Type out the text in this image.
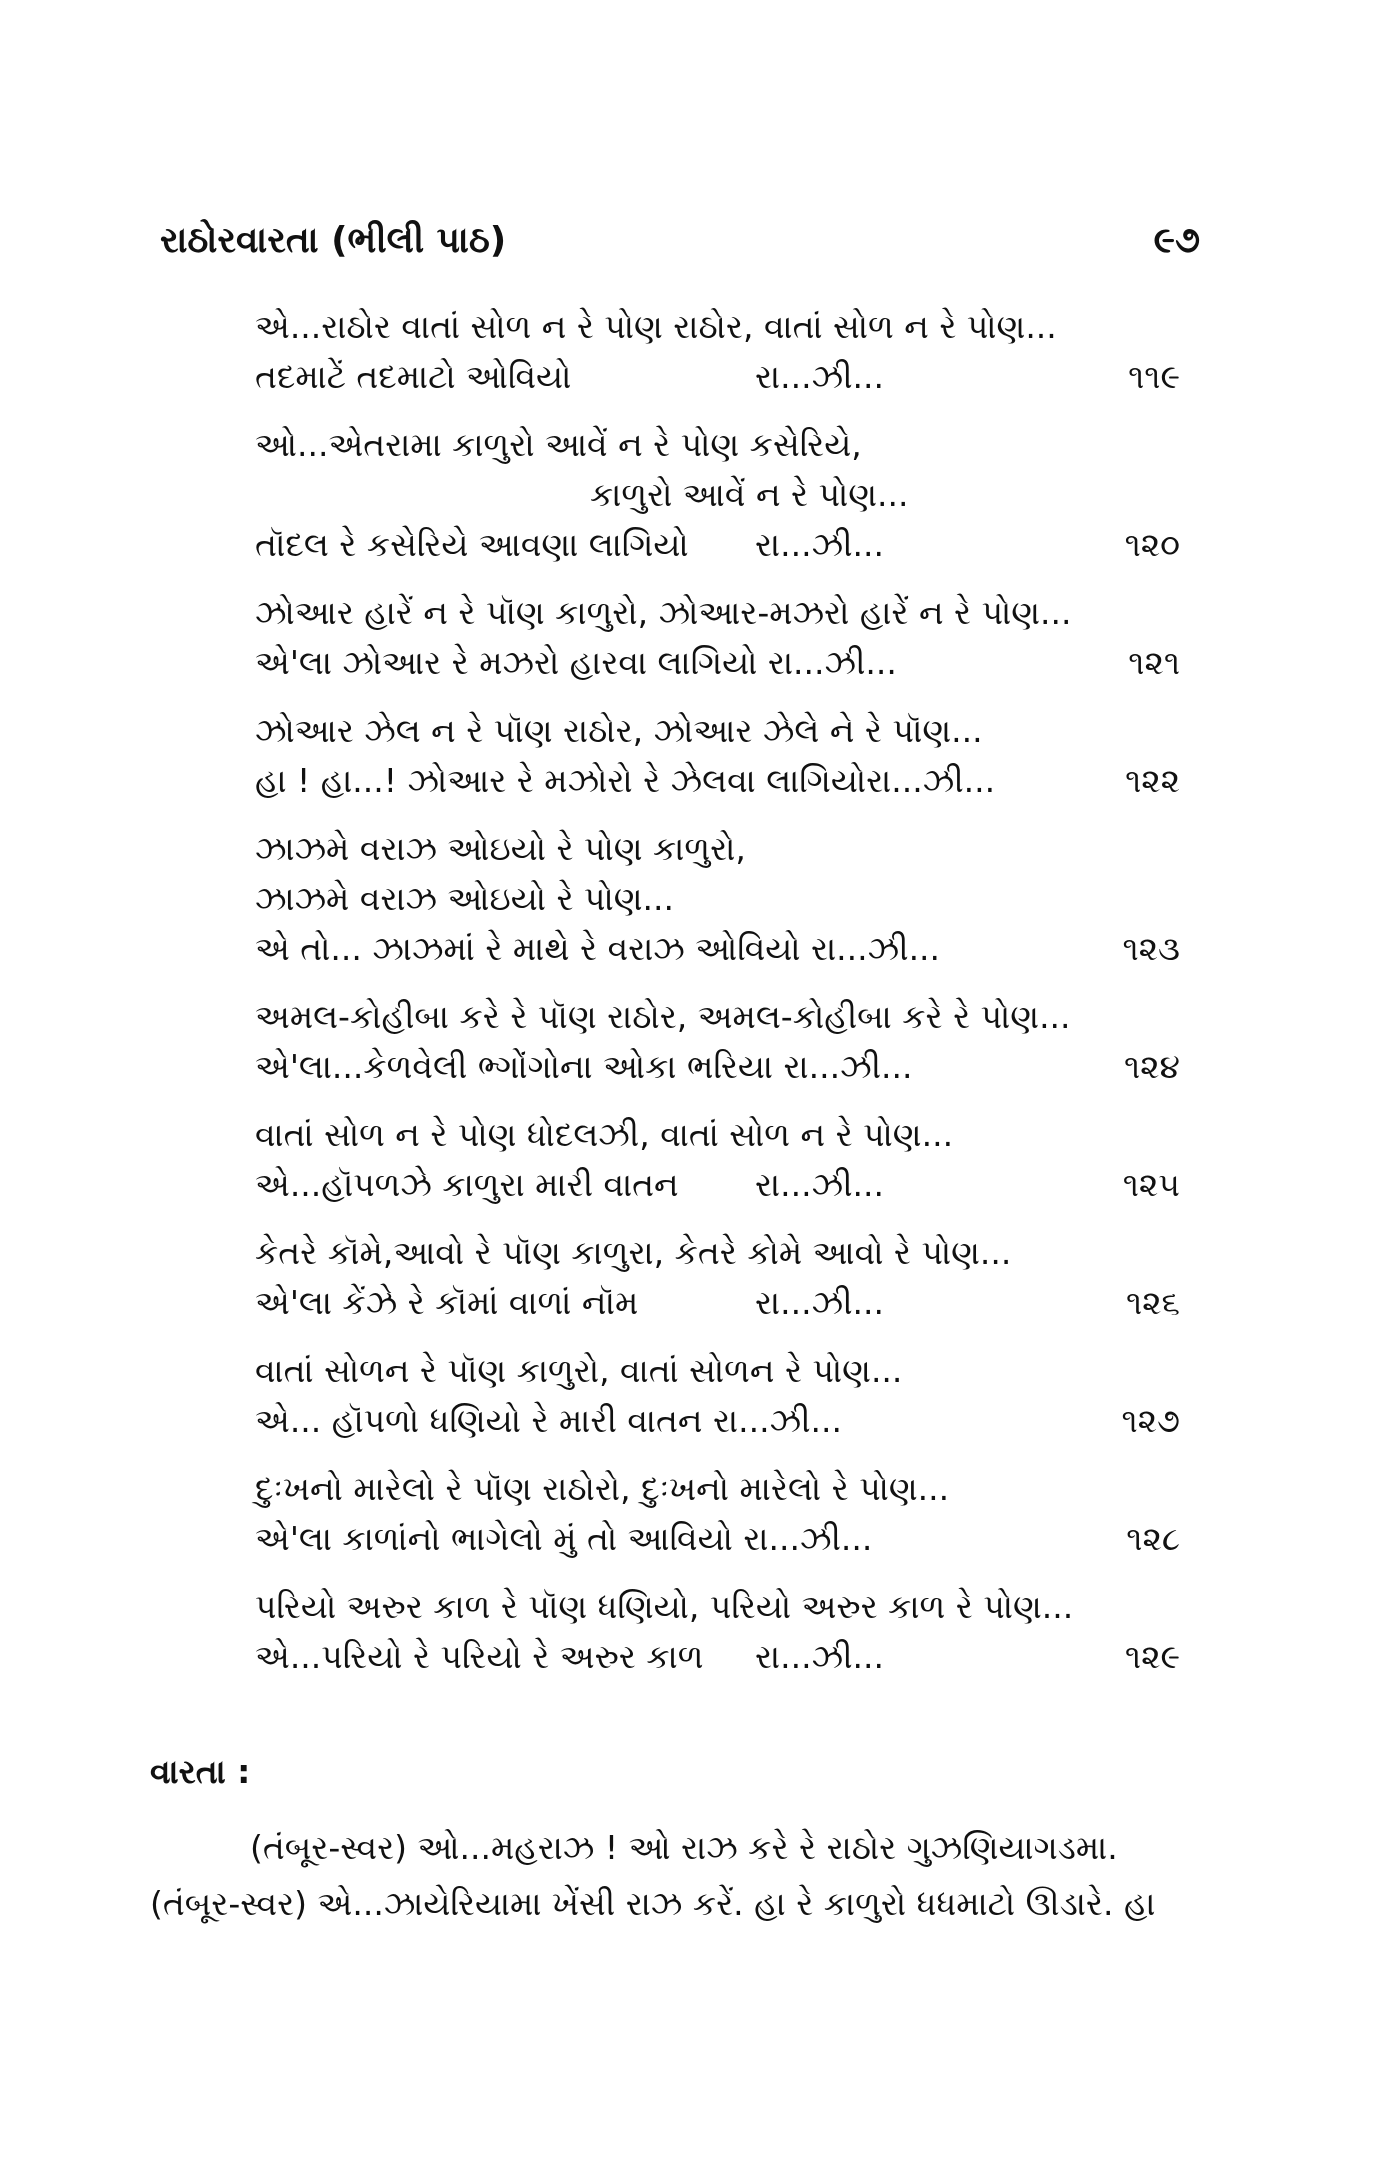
રાઠોરવારતા (ભીલી પાઠ)	૯૭
એ...રાઠોર વાતાં સોળ ન રે પોણ રાઠોર, વાતાં સોળ ન રે પોણ...
તદમાટેં તદમાટો ઓવિયો	રા...ઝી...	૧૧૯
ઓ...એતરામા કાળુરો આવેં ન રે પોણ કસેરિયે,
કાળુરો આવેં ન રે પોણ...
તૉદલ રે કસેરિયે આવણા લાગિયો રા...ઝી...	૧૨૦
ઝોઆર હારેં ન રે પૉણ કાળુરો, ઝોઆર-મઝરો હારેં ન રે પોણ...
એ'લા ઝોઆર રે મઝરો હારવા લાગિયો રા...ઝી...	૧૨૧
ઝોઆર ઝેલ ન રે પૉણ રાઠોર, ઝોઆર ઝેલે ને રે પૉણ...
હા ! હા...! ઝોઆર રે મઝોરો રે ઝેલવા લાગિયોરા...ઝી...	૧૨૨
ઝાઝમે વરાઝ ઓઇયો રે પોણ કાળુરો,
ઝાઝમે વરાઝ ઓઇયો રે પોણ...
એ તો... ઝાઝમાં રે માથે રે વરાઝ ઓવિયો રા...ઝી...	૧૨૩
અમલ-કોહીબા કરે રે પૉણ રાઠોર, અમલ-કોહીબા કરે રે પોણ...
એ'લા...કેળવેલી ભ્ગોંગોના ઓકા ભરિયા રા...ઝી...	૧૨૪
વાતાં સોળ ન રે પોણ ધોદલઝી, વાતાં સોળ ન રે પોણ...
એ...હૉપળઝે કાળુરા મારી વાતન રા...ઝી...	૧૨૫
કેતરે કૉમે,આવો રે પૉણ કાળુરા, કેતરે કોમે આવો રે પોણ...
એ'લા કેંઝે રે કૉમાં વાળાં નૉમ	રા...ઝી...	૧૨૬
વાતાં સોળન રે પૉણ કાળુરો, વાતાં સોળન રે પોણ...
એ... હૉપળો ધણિયો રે મારી વાતન રા...ઝી...	૧૨૭
દુઃખનો મારેલો રે પૉણ રાઠોરો, દુઃખનો મારેલો રે પોણ...
એ'લા કાળાંનો ભાગેલો મું તો આવિયો રા...ઝી...	૧૨૮
પરિયો અરુર કાળ રે પૉણ ધણિયો, પરિયો અરુર કાળ રે પોણ...
એ...પરિયો રે પરિયો રે અરુર કાળ રા...ઝી...	૧૨૯
વારતા :
(તંબૂર-સ્વર) ઓ...મહરાઝ ! ઓ રાઝ કરે રે રાઠોર ગુઝણિયાગડમા.
(તંબૂર-સ્વર) એ...ઝાયેરિયામા ખેંસી રાઝ કરેં. હા રે કાળુરો ધધમાટો ઊડારે. હા
